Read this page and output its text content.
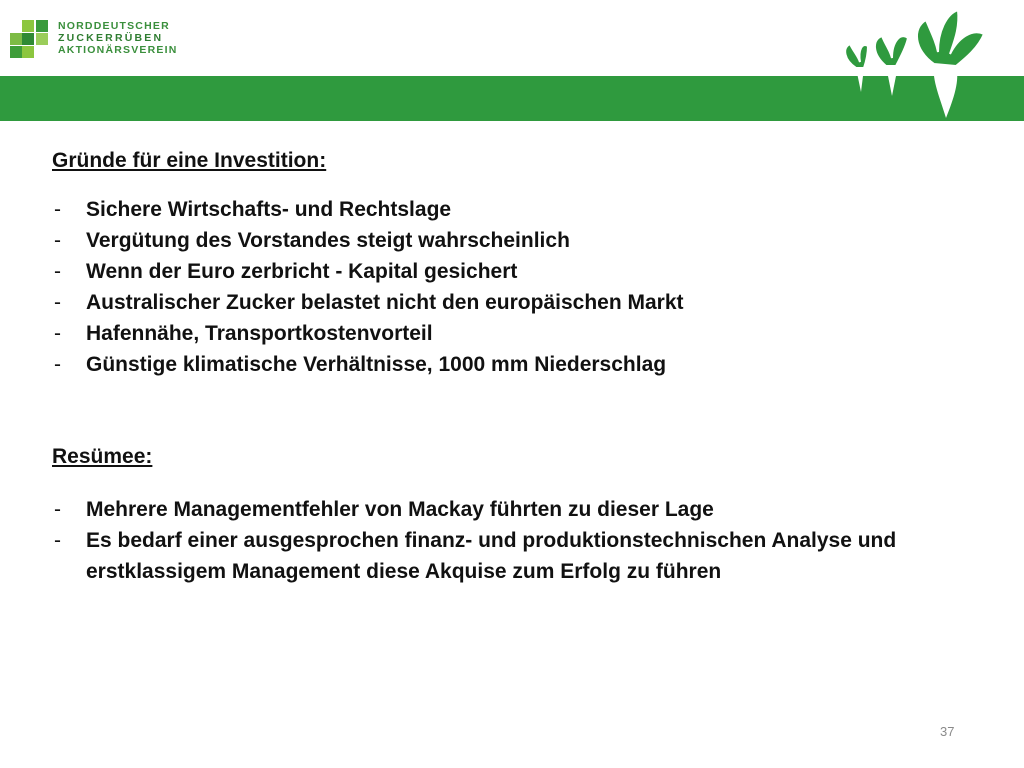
NORDDEUTSCHER
ZUCKERRÜBEN
AKTIONÄRSVEREIN
Gründe für eine Investition:
- Sichere Wirtschafts- und Rechtslage
- Vergütung des Vorstandes steigt wahrscheinlich
- Wenn der Euro zerbricht - Kapital gesichert
- Australischer Zucker belastet nicht den europäischen Markt
- Hafennähe, Transportkostenvorteil
- Günstige klimatische Verhältnisse, 1000 mm Niederschlag
Resümee:
- Mehrere Managementfehler von Mackay führten zu dieser Lage
- Es bedarf einer ausgesprochen finanz- und produktionstechnischen Analyse und erstklassigem Management diese Akquise zum Erfolg zu führen
37
